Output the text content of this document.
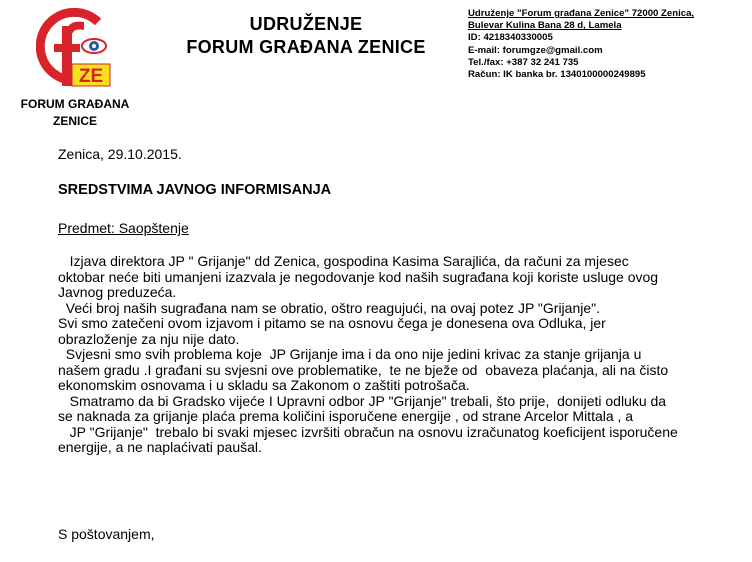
ZE
FORUM GRAĐANA
ZENICE
UDRUŽENJE
FORUM GRAĐANA ZENICE
Udruženje "Forum građana Zenice" 72000 Zenica,
Bulevar Kulina Bana 28 d, Lamela
ID: 4218340330005
E-mail: forumgze@gmail.com
Tel./fax: +387 32 241 735
Račun: IK banka br. 1340100000249895
Zenica, 29.10.2015.
SREDSTVIMA JAVNOG INFORMISANJA
Predmet: Saopštenje
Izjava direktora JP " Grijanje" dd Zenica, gospodina Kasima Sarajlića, da računi za mjesec
oktobar neće biti umanjeni izazvala je negodovanje kod naših sugrađana koji koriste usluge ovog
Javnog preduzeća.
Veći broj naših sugrađana nam se obratio, oštro reagujući, na ovaj potez JP "Grijanje".
Svi smo zatečeni ovom izjavom i pitamo se na osnovu čega je donesena ova Odluka, jer
obrazloženje za nju nije dato.
Svjesni smo svih problema koje  JP Grijanje ima i da ono nije jedini krivac za stanje grijanja u
našem gradu .I građani su svjesni ove problematike,  te ne bježe od  obaveza plaćanja, ali na čisto
ekonomskim osnovama i u skladu sa Zakonom o zaštiti potrošača.
Smatramo da bi Gradsko vijeće I Upravni odbor JP "Grijanje" trebali, što prije,  donijeti odluku da
se naknada za grijanje plaća prema količini isporučene energije , od strane Arcelor Mittala , a
JP "Grijanje"  trebalo bi svaki mjesec izvršiti obračun na osnovu izračunatog koeficijent isporučene
energije, a ne naplaćivati paušal.
S poštovanjem,
